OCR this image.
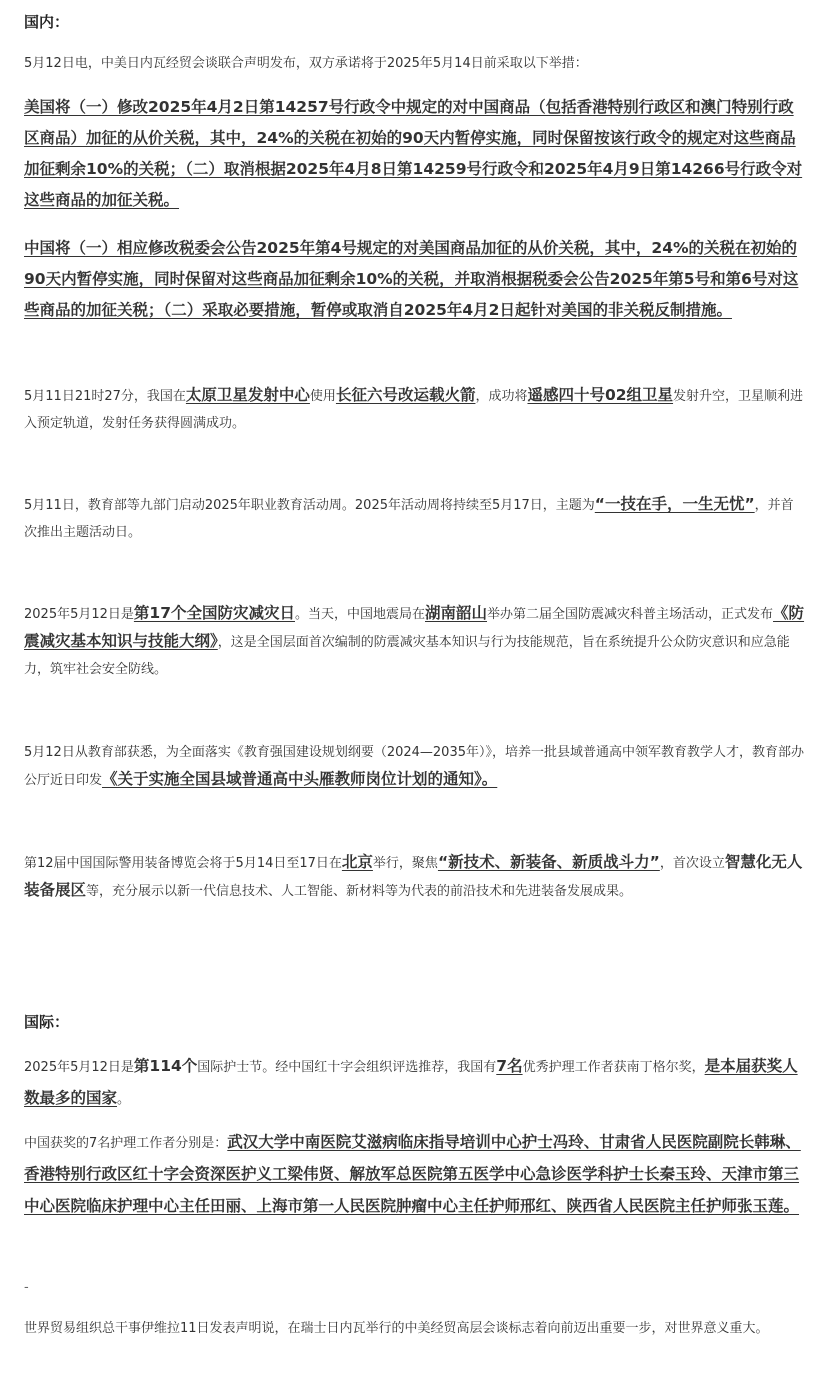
国内：

5月12日电，中美日内瓦经贸会谈联合声明发布，双方承诺将于2025年5月14日前采取以下举措：

美国将（一）修改2025年4月2日第14257号行政令中规定的对中国商品（包括香港特别行政区和澳门特别行政区商品）加征的从价关税，其中，24%的关税在初始的90天内暂停实施，同时保留按该行政令的规定对这些商品加征剩余10%的关税；（二）取消根据2025年4月8日第14259号行政令和2025年4月9日第14266号行政令对这些商品的加征关税。

中国将（一）相应修改税委会公告2025年第4号规定的对美国商品加征的从价关税，其中，24%的关税在初始的90天内暂停实施，同时保留对这些商品加征剩余10%的关税，并取消根据税委会公告2025年第5号和第6号对这些商品的加征关税；（二）采取必要措施，暂停或取消自2025年4月2日起针对美国的非关税反制措施。

5月11日21时27分，我国在太原卫星发射中心使用长征六号改运载火箭，成功将遥感四十号02组卫星发射升空，卫星顺利进入预定轨道，发射任务获得圆满成功。

5月11日，教育部等九部门启动2025年职业教育活动周。2025年活动周将持续至5月17日，主题为“一技在手，一生无忧”，并首次推出主题活动日。

2025年5月12日是第17个全国防灾减灾日。当天，中国地震局在湖南韶山举办第二届全国防震减灾科普主场活动，正式发布《防震减灾基本知识与技能大纲》，这是全国层面首次编制的防震减灾基本知识与行为技能规范，旨在系统提升公众防灾意识和应急能力，筑牢社会安全防线。

5月12日从教育部获悉，为全面落实《教育强国建设规划纲要（2024—2035年）》，培养一批县域普通高中领军教育教学人才，教育部办公厅近日印发《关于实施全国县域普通高中头雁教师岗位计划的通知》。

第12届中国国际警用装备博览会将于5月14日至17日在北京举行，聚焦“新技术、新装备、新质战斗力”，首次设立智慧化无人装备展区等，充分展示以新一代信息技术、人工智能、新材料等为代表的前沿技术和先进装备发展成果。

国际：

2025年5月12日是第114个国际护士节。经中国红十字会组织评选推荐，我国有7名优秀护理工作者获南丁格尔奖，是本届获奖人数最多的国家。

中国获奖的7名护理工作者分别是：武汉大学中南医院艾滋病临床指导培训中心护士冯玲、甘肃省人民医院副院长韩琳、香港特别行政区红十字会资深医护义工梁伟贤、解放军总医院第五医学中心急诊医学科护士长秦玉玲、天津市第三中心医院临床护理中心主任田丽、上海市第一人民医院肿瘤中心主任护师邢红、陕西省人民医院主任护师张玉莲。

-

世界贸易组织总干事伊维拉11日发表声明说，在瑞士日内瓦举行的中美经贸高层会谈标志着向前迈出重要一步，对世界意义重大。
